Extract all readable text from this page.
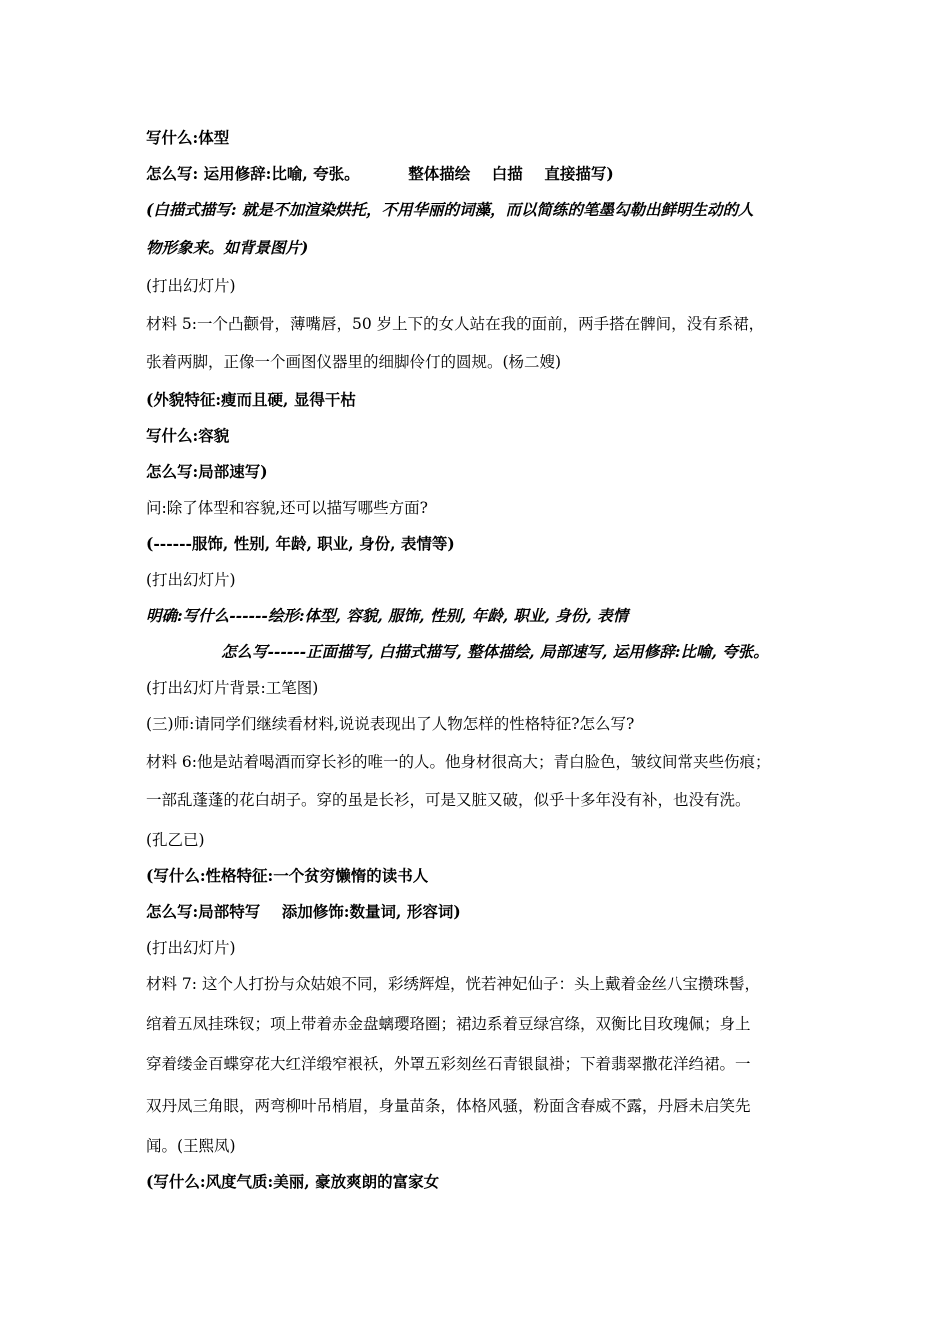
写什么:体型
怎么写: 运用修辞:比喻, 夸张。         整体描绘    白描    直接描写)
(白描式描写: 就是不加渲染烘托，不用华丽的词藻，而以简练的笔墨勾勒出鲜明生动的人
物形象来。如背景图片)
(打出幻灯片)
材料 5:一个凸颧骨，薄嘴唇，50 岁上下的女人站在我的面前，两手搭在髀间，没有系裙，
张着两脚，正像一个画图仪器里的细脚伶仃的圆规。(杨二嫂)
(外貌特征:瘦而且硬, 显得干枯
写什么:容貌
怎么写:局部速写)
问:除了体型和容貌,还可以描写哪些方面?
(------服饰, 性别, 年龄, 职业, 身份, 表情等)
(打出幻灯片)
明确:写什么------绘形:体型, 容貌, 服饰, 性别, 年龄, 职业, 身份, 表情
怎么写------正面描写, 白描式描写, 整体描绘, 局部速写, 运用修辞:比喻, 夸张。
(打出幻灯片背景:工笔图)
(三)师:请同学们继续看材料,说说表现出了人物怎样的性格特征?怎么写?
材料 6:他是站着喝酒而穿长衫的唯一的人。他身材很高大；青白脸色，皱纹间常夹些伤痕；
一部乱蓬蓬的花白胡子。穿的虽是长衫，可是又脏又破，似乎十多年没有补，也没有洗。
(孔乙已)
(写什么:性格特征:一个贫穷懒惰的读书人
怎么写:局部特写    添加修饰:数量词, 形容词)
(打出幻灯片)
材料 7: 这个人打扮与众姑娘不同，彩绣辉煌，恍若神妃仙子：头上戴着金丝八宝攒珠髻，
绾着五凤挂珠钗；项上带着赤金盘螭璎珞圈；裙边系着豆绿宫绦，双衡比目玫瑰佩；身上
穿着缕金百蝶穿花大红洋缎窄裉袄，外罩五彩刻丝石青银鼠褂；下着翡翠撒花洋绉裙。一
双丹凤三角眼，两弯柳叶吊梢眉，身量苗条，体格风骚，粉面含春威不露，丹唇未启笑先
闻。(王熙凤)
(写什么:风度气质:美丽, 豪放爽朗的富家女
